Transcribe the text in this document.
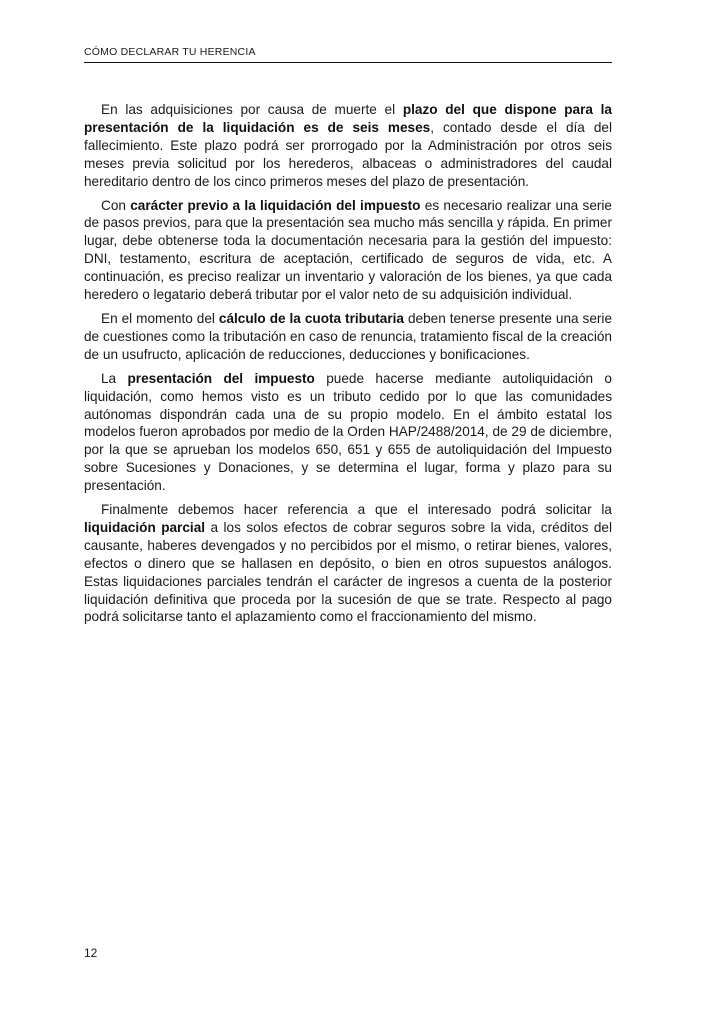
CÓMO DECLARAR TU HERENCIA

En las adquisiciones por causa de muerte el plazo del que dispone para la presentación de la liquidación es de seis meses, contado desde el día del fallecimiento. Este plazo podrá ser prorrogado por la Administración por otros seis meses previa solicitud por los herederos, albaceas o administradores del caudal hereditario dentro de los cinco primeros meses del plazo de presentación.

Con carácter previo a la liquidación del impuesto es necesario realizar una serie de pasos previos, para que la presentación sea mucho más sencilla y rápida. En primer lugar, debe obtenerse toda la documentación necesaria para la gestión del impuesto: DNI, testamento, escritura de aceptación, certificado de seguros de vida, etc. A continuación, es preciso realizar un inventario y valoración de los bienes, ya que cada heredero o legatario deberá tributar por el valor neto de su adquisición individual.

En el momento del cálculo de la cuota tributaria deben tenerse presente una serie de cuestiones como la tributación en caso de renuncia, tratamiento fiscal de la creación de un usufructo, aplicación de reducciones, deducciones y bonificaciones.

La presentación del impuesto puede hacerse mediante autoliquidación o liquidación, como hemos visto es un tributo cedido por lo que las comunidades autónomas dispondrán cada una de su propio modelo. En el ámbito estatal los modelos fueron aprobados por medio de la Orden HAP/2488/2014, de 29 de diciembre, por la que se aprueban los modelos 650, 651 y 655 de autoliquidación del Impuesto sobre Sucesiones y Donaciones, y se determina el lugar, forma y plazo para su presentación.

Finalmente debemos hacer referencia a que el interesado podrá solicitar la liquidación parcial a los solos efectos de cobrar seguros sobre la vida, créditos del causante, haberes devengados y no percibidos por el mismo, o retirar bienes, valores, efectos o dinero que se hallasen en depósito, o bien en otros supuestos análogos. Estas liquidaciones parciales tendrán el carácter de ingresos a cuenta de la posterior liquidación definitiva que proceda por la sucesión de que se trate. Respecto al pago podrá solicitarse tanto el aplazamiento como el fraccionamiento del mismo.

12
